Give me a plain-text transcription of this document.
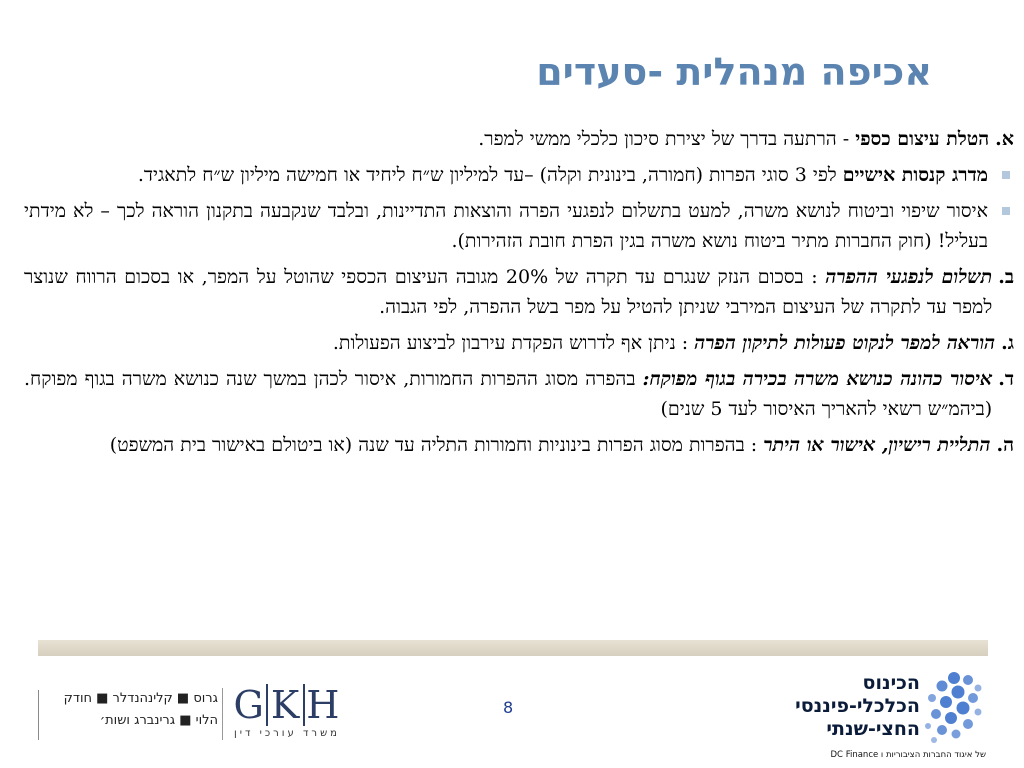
אכיפה מנהלית -סעדים
א.
הטלת עיצום כספי - הרתעה בדרך של יצירת סיכון כלכלי ממשי למפר.
מדרג קנסות אישיים לפי 3 סוגי הפרות (חמורה, בינונית וקלה) –עד למיליון ש״ח ליחיד או חמישה מיליון ש״ח לתאגיד.
איסור שיפוי וביטוח לנושא משרה, למעט בתשלום לנפגעי הפרה והוצאות התדיינות, ובלבד שנקבעה בתקנון הוראה לכך – לא מידתי בעליל! (חוק החברות מתיר ביטוח נושא משרה בגין הפרת חובת הזהירות).
ב.
תשלום לנפגעי ההפרה : בסכום הנזק שנגרם עד תקרה של 20% מגובה העיצום הכספי שהוטל על המפר, או בסכום הרווח שנוצר למפר עד לתקרה של העיצום המירבי שניתן להטיל על מפר בשל ההפרה, לפי הגבוה.
ג.
הוראה למפר לנקוט פעולות לתיקון הפרה : ניתן אף לדרוש הפקדת עירבון לביצוע הפעולות.
ד.
איסור כהונה כנושא משרה בכירה בגוף מפוקח: בהפרה מסוג ההפרות החמורות, איסור לכהן במשך שנה כנושא משרה בגוף מפוקח. (ביהמ״ש רשאי להאריך האיסור לעד 5 שנים)
ה.
התליית רישיון, אישור או היתר : בהפרות מסוג הפרות בינוניות וחמורות התליה עד שנה (או ביטולם באישור בית המשפט)
8
גרוס ■ קלינהנדלר ■ חודק
הלוי ■ גרינברג ושות׳ G K H
משרד עורכי דין
הכינוס
הכלכלי-פיננסי
החצי-שנתי
של איגוד החברות הציבוריות ו DC Finance
